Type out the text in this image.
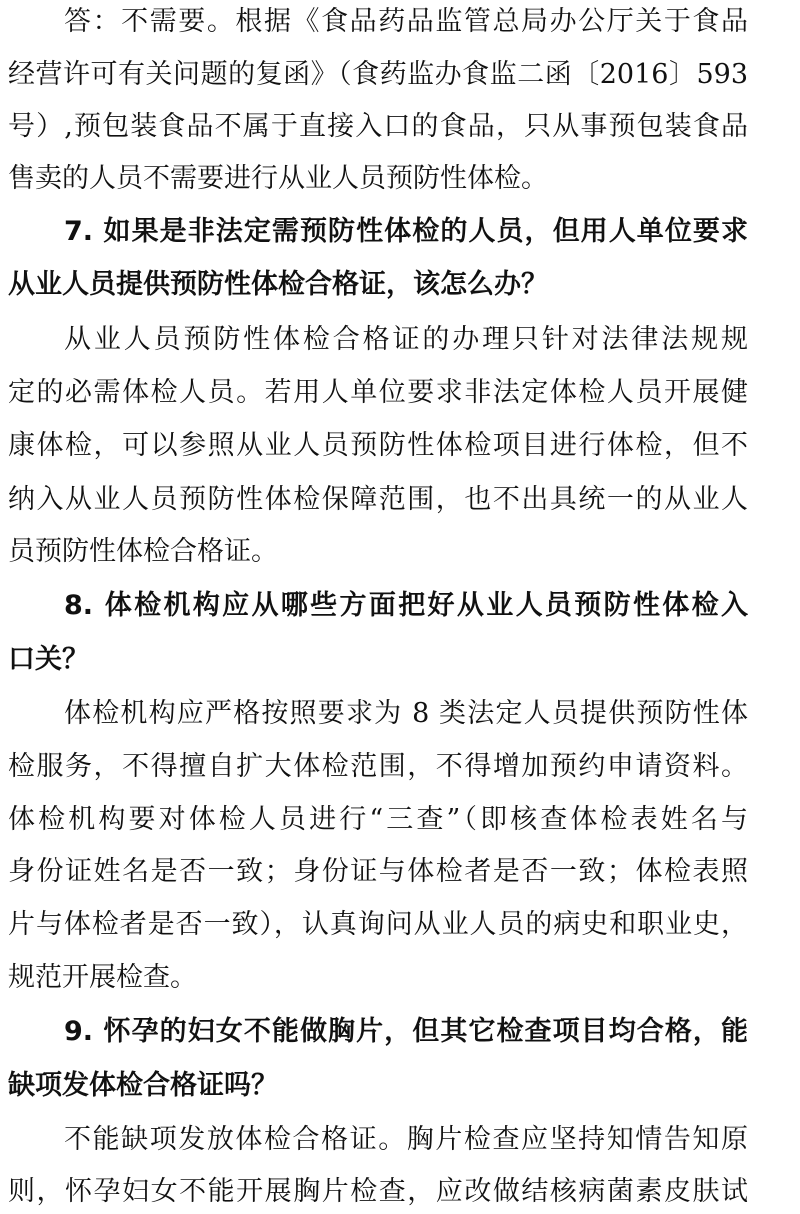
答：不需要。根据《食品药品监管总局办公厅关于食品
经营许可有关问题的复函》（食药监办食监二函〔2016〕593
号）,预包装食品不属于直接入口的食品，只从事预包装食品
售卖的人员不需要进行从业人员预防性体检。
7. 如果是非法定需预防性体检的人员，但用人单位要求
从业人员提供预防性体检合格证，该怎么办？
从业人员预防性体检合格证的办理只针对法律法规规
定的必需体检人员。若用人单位要求非法定体检人员开展健
康体检，可以参照从业人员预防性体检项目进行体检，但不
纳入从业人员预防性体检保障范围，也不出具统一的从业人
员预防性体检合格证。
8. 体检机构应从哪些方面把好从业人员预防性体检入
口关？
体检机构应严格按照要求为 8 类法定人员提供预防性体
检服务，不得擅自扩大体检范围，不得增加预约申请资料。
体检机构要对体检人员进行“三查”（即核查体检表姓名与
身份证姓名是否一致；身份证与体检者是否一致；体检表照
片与体检者是否一致），认真询问从业人员的病史和职业史，
规范开展检查。
9. 怀孕的妇女不能做胸片，但其它检查项目均合格，能
缺项发体检合格证吗？
不能缺项发放体检合格证。胸片检查应坚持知情告知原
则，怀孕妇女不能开展胸片检查，应改做结核病菌素皮肤试
